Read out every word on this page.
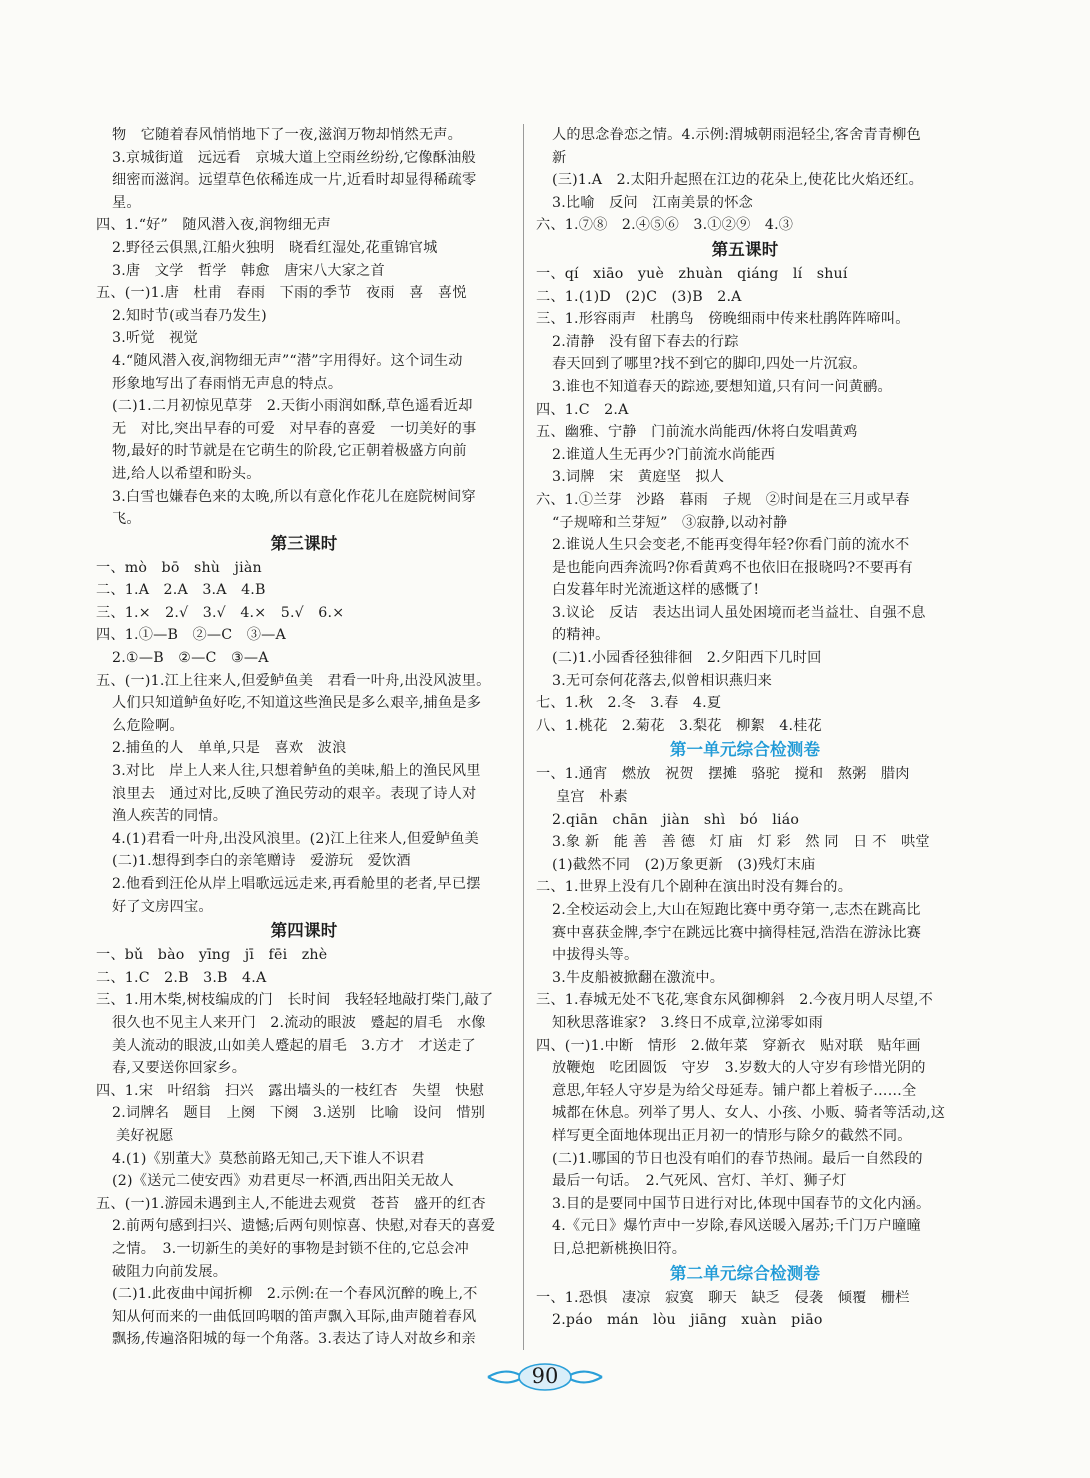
物　它随着春风悄悄地下了一夜,滋润万物却悄然无声。
3.京城街道　远远看　京城大道上空雨丝纷纷,它像酥油般
细密而滋润。远望草色依稀连成一片,近看时却显得稀疏零
星。
四、1.“好”　随风潜入夜,润物细无声
2.野径云俱黑,江船火独明　晓看红湿处,花重锦官城
3.唐　文学　哲学　韩愈　唐宋八大家之首
五、(一)1.唐　杜甫　春雨　下雨的季节　夜雨　喜　喜悦
2.知时节(或当春乃发生)
3.听觉　视觉
4.“随风潜入夜,润物细无声”“潜”字用得好。这个词生动
形象地写出了春雨悄无声息的特点。
(二)1.二月初惊见草芽　2.天街小雨润如酥,草色遥看近却
无　对比,突出早春的可爱　对早春的喜爱　一切美好的事
物,最好的时节就是在它萌生的阶段,它正朝着极盛方向前
进,给人以希望和盼头。
3.白雪也嫌春色来的太晚,所以有意化作花儿在庭院树间穿
飞。
第三课时
一、mò　bō　shù　jiàn
二、1.A　2.A　3.A　4.B
三、1.×　2.√　3.√　4.×　5.√　6.×
四、1.①—B　②—C　③—A
2.①—B　②—C　③—A
五、(一)1.江上往来人,但爱鲈鱼美　君看一叶舟,出没风波里。
人们只知道鲈鱼好吃,不知道这些渔民是多么艰辛,捕鱼是多
么危险啊。
2.捕鱼的人　单单,只是　喜欢　波浪
3.对比　岸上人来人往,只想着鲈鱼的美味,船上的渔民风里
浪里去　通过对比,反映了渔民劳动的艰辛。表现了诗人对
渔人疾苦的同情。
4.(1)君看一叶舟,出没风浪里。(2)江上往来人,但爱鲈鱼美
(二)1.想得到李白的亲笔赠诗　爱游玩　爱饮酒
2.他看到汪伦从岸上唱歌远远走来,再看舱里的老者,早已摆
好了文房四宝。
第四课时
一、bǔ　bào　yīng　jī　fēi　zhè
二、1.C　2.B　3.B　4.A
三、1.用木柴,树枝编成的门　长时间　我轻轻地敲打柴门,敲了
很久也不见主人来开门　2.流动的眼波　蹙起的眉毛　水像
美人流动的眼波,山如美人蹙起的眉毛　3.方才　才送走了
春,又要送你回家乡。
四、1.宋　叶绍翁　扫兴　露出墙头的一枝红杏　失望　快慰
2.词牌名　题目　上阕　下阕　3.送别　比喻　设问　惜别
美好祝愿
4.(1)《别董大》莫愁前路无知己,天下谁人不识君
(2)《送元二使安西》劝君更尽一杯酒,西出阳关无故人
五、(一)1.游园未遇到主人,不能进去观赏　苍苔　盛开的红杏
2.前两句感到扫兴、遗憾;后两句则惊喜、快慰,对春天的喜爱
之情。　3.一切新生的美好的事物是封锁不住的,它总会冲
破阻力向前发展。
(二)1.此夜曲中闻折柳　2.示例:在一个春风沉醉的晚上,不
知从何而来的一曲低回呜咽的笛声飘入耳际,曲声随着春风
飘扬,传遍洛阳城的每一个角落。3.表达了诗人对故乡和亲
人的思念眷恋之情。4.示例:渭城朝雨浥轻尘,客舍青青柳色
新
(三)1.A　2.太阳升起照在江边的花朵上,使花比火焰还红。
3.比喻　反问　江南美景的怀念
六、1.⑦⑧　2.④⑤⑥　3.①②⑨　4.③
第五课时
一、qí　xiāo　yuè　zhuàn　qiáng　lí　shuí
二、1.(1)D　(2)C　(3)B　2.A
三、1.形容雨声　杜鹃鸟　傍晚细雨中传来杜鹃阵阵啼叫。
2.清静　没有留下春去的行踪
春天回到了哪里?找不到它的脚印,四处一片沉寂。
3.谁也不知道春天的踪迹,要想知道,只有问一问黄鹂。
四、1.C　2.A
五、幽雅、宁静　门前流水尚能西/休将白发唱黄鸡
2.谁道人生无再少?门前流水尚能西
3.词牌　宋　黄庭坚　拟人
六、1.①兰芽　沙路　暮雨　子规　②时间是在三月或早春
“子规啼和兰芽短”　③寂静,以动衬静
2.谁说人生只会变老,不能再变得年轻?你看门前的流水不
是也能向西奔流吗?你看黄鸡不也依旧在报晓吗?不要再有
白发暮年时光流逝这样的感慨了!
3.议论　反诘　表达出词人虽处困境而老当益壮、自强不息
的精神。
(二)1.小园香径独徘徊　2.夕阳西下几时回
3.无可奈何花落去,似曾相识燕归来
七、1.秋　2.冬　3.春　4.夏
八、1.桃花　2.菊花　3.梨花　柳絮　4.桂花
第一单元综合检测卷
一、1.通宵　燃放　祝贺　摆摊　骆驼　搅和　熬粥　腊肉
皇宫　朴素
2.qiān　chān　jiàn　shì　bó　liáo
3.象 新　能 善　善 德　灯 庙　灯 彩　然 同　日 不　哄堂
(1)截然不同　(2)万象更新　(3)残灯末庙
二、1.世界上没有几个剧种在演出时没有舞台的。
2.全校运动会上,大山在短跑比赛中勇夺第一,志杰在跳高比
赛中喜获金牌,李宁在跳远比赛中摘得桂冠,浩浩在游泳比赛
中拔得头等。
3.牛皮船被掀翻在激流中。
三、1.春城无处不飞花,寒食东风御柳斜　2.今夜月明人尽望,不
知秋思落谁家?　3.终日不成章,泣涕零如雨
四、(一)1.中断　情形　2.做年菜　穿新衣　贴对联　贴年画
放鞭炮　吃团圆饭　守岁　3.岁数大的人守岁有珍惜光阴的
意思,年轻人守岁是为给父母延寿。铺户都上着板子……全
城都在休息。列举了男人、女人、小孩、小贩、骑者等活动,这
样写更全面地体现出正月初一的情形与除夕的截然不同。
(二)1.哪国的节日也没有咱们的春节热闹。最后一自然段的
最后一句话。　2.气死风、宫灯、羊灯、狮子灯
3.目的是要同中国节日进行对比,体现中国春节的文化内涵。
4.《元日》爆竹声中一岁除,春风送暖入屠苏;千门万户曈曈
日,总把新桃换旧符。
第二单元综合检测卷
一、1.恐惧　凄凉　寂寞　聊天　缺乏　侵袭　倾覆　栅栏
2.páo　mán　lòu　jiāng　xuàn　piāo
90
